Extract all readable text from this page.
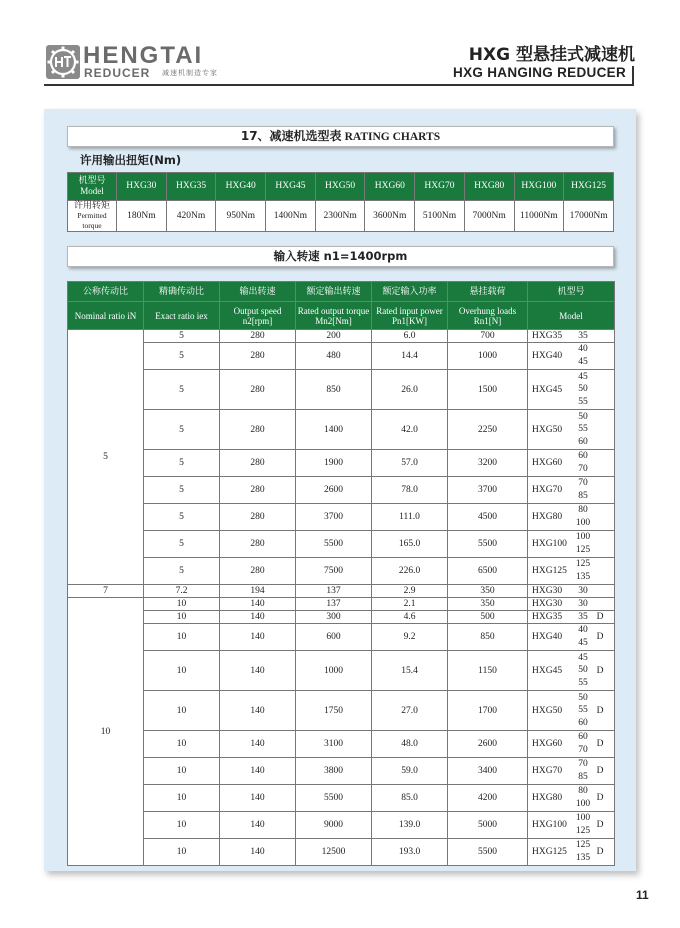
HENGTAI
REDUCER 减速机制造专家
HXG 型悬挂式减速机
HXG HANGING REDUCER
17、减速机选型表 RATING CHARTS
许用输出扭矩(Nm)
机型号
Model	HXG30	HXG35	HXG40	HXG45	HXG50	HXG60	HXG70	HXG80	HXG100	HXG125
许用转矩
Permitted torque	180Nm	420Nm	950Nm	1400Nm	2300Nm	3600Nm	5100Nm	7000Nm	11000Nm	17000Nm
输入转速 n1=1400rpm
公称传动比	精确传动比	输出转速	额定输出转速	额定输入功率	悬挂载荷	机型号
Nominal ratio iN	Exact ratio iex	Output speed n2[rpm]	Rated output torque Mn2[Nm]	Rated input power Pn1[KW]	Overhung loads Rn1[N]	Model
5	5	280	200	6.0	700	HXG35 35

	5	280	480	14.4	1000	HXG40
40
45

	5	280	850	26.0	1500	HXG45
45
50
55

	5	280	1400	42.0	2250	HXG50
50
55
60

	5	280	1900	57.0	3200	HXG60
60
70

	5	280	2600	78.0	3700	HXG70
70
85

	5	280	3700	111.0	4500	HXG80
80
100

	5	280	5500	165.0	5500	HXG100
100
125

	5	280	7500	226.0	6500	HXG125
125
135

7	7.2	194	137	2.9	350	HXG30 30

10	10	140	137	2.1	350	HXG30 30

	10	140	300	4.6	500	HXG35 35 D

	10	140	600	9.2	850	HXG40
40
45
D

	10	140	1000	15.4	1150	HXG45
45
50
55
D

	10	140	1750	27.0	1700	HXG50
50
55
60
D

	10	140	3100	48.0	2600	HXG60
60
70
D

	10	140	3800	59.0	3400	HXG70
70
85
D

	10	140	5500	85.0	4200	HXG80
80
100
D

	10	140	9000	139.0	5000	HXG100
100
125
D

	10	140	12500	193.0	5500	HXG125
125
135
D
11
